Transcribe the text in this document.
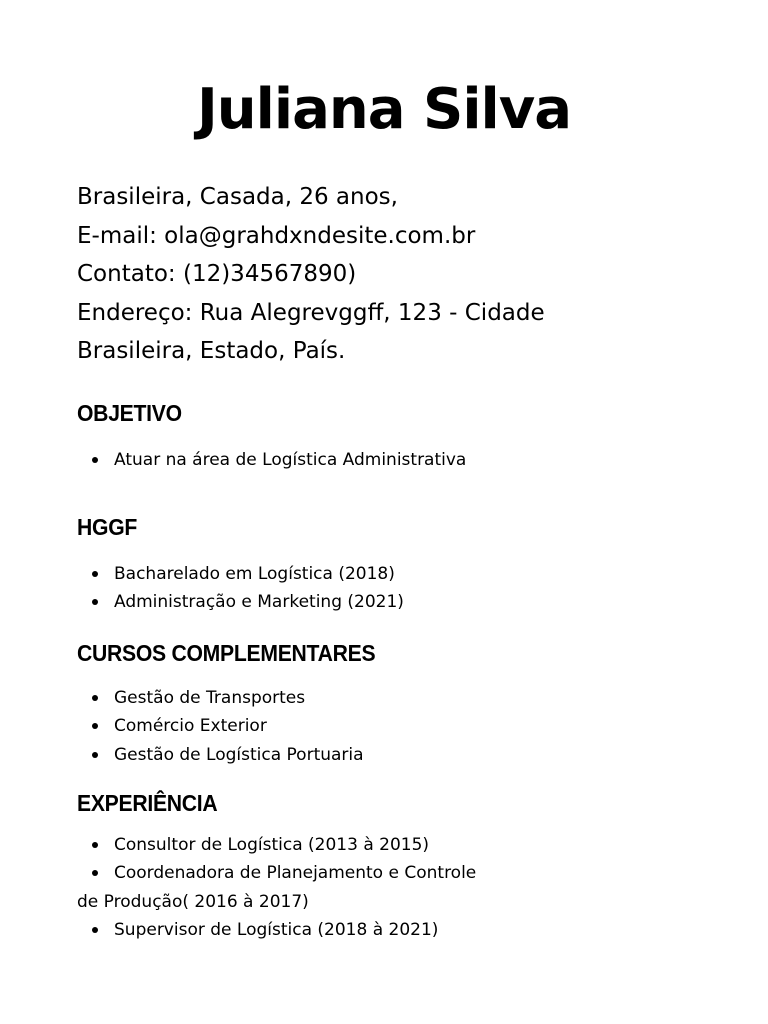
Juliana Silva
Brasileira, Casada, 26 anos,
E-mail: ola@grahdxndesite.com.br
Contato: (12)34567890)
Endereço: Rua Alegrevggff, 123 - Cidade
Brasileira, Estado, País.
OBJETIVO
Atuar na área de Logística Administrativa
HGGF
Bacharelado em Logística (2018)
Administração e Marketing (2021)
CURSOS COMPLEMENTARES
Gestão de Transportes
Comércio Exterior
Gestão de Logística Portuaria
EXPERIÊNCIA
Consultor de Logística (2013 à 2015)
Coordenadora de Planejamento e Controle
de Produção( 2016 à 2017)
Supervisor de Logística (2018 à 2021)
